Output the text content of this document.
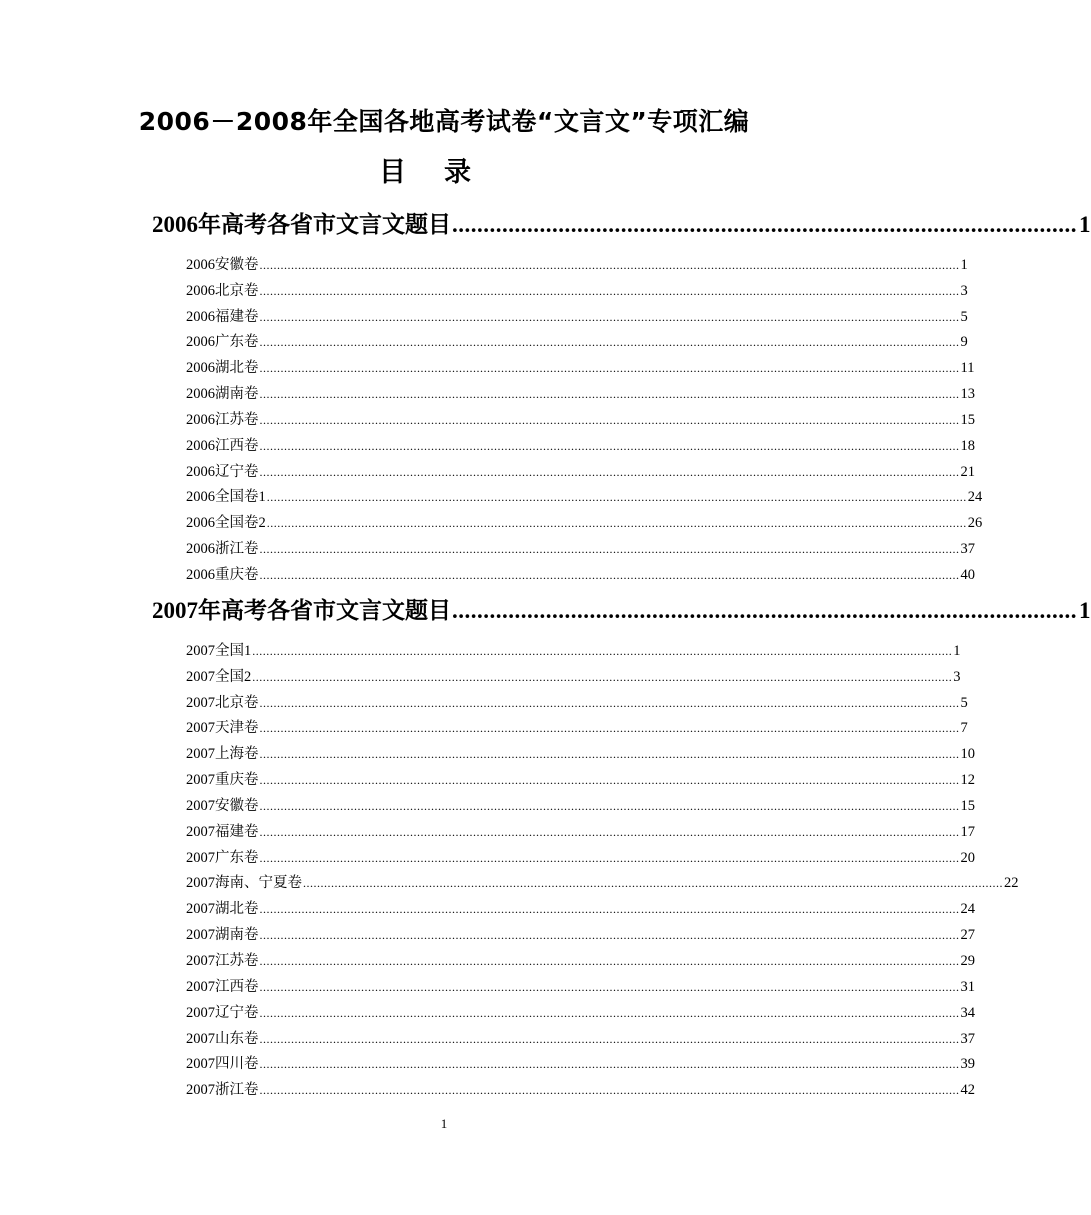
2006－2008年全国各地高考试卷“文言文”专项汇编
目录
2006年高考各省市文言文题目 .................................................................................................... 1
2006安徽卷 ........................................................................................................................................................................................................ 1
2006北京卷 ........................................................................................................................................................................................................ 3
2006福建卷 ........................................................................................................................................................................................................ 5
2006广东卷 ........................................................................................................................................................................................................ 9
2006湖北卷 ........................................................................................................................................................................................................ 11
2006湖南卷 ........................................................................................................................................................................................................ 13
2006江苏卷 ........................................................................................................................................................................................................ 15
2006江西卷 ........................................................................................................................................................................................................ 18
2006辽宁卷 ........................................................................................................................................................................................................ 21
2006全国卷1 ........................................................................................................................................................................................................ 24
2006全国卷2 ........................................................................................................................................................................................................ 26
2006浙江卷 ........................................................................................................................................................................................................ 37
2006重庆卷 ........................................................................................................................................................................................................ 40
2007年高考各省市文言文题目 .................................................................................................... 1
2007全国1 ........................................................................................................................................................................................................ 1
2007全国2 ........................................................................................................................................................................................................ 3
2007北京卷 ........................................................................................................................................................................................................ 5
2007天津卷 ........................................................................................................................................................................................................ 7
2007上海卷 ........................................................................................................................................................................................................ 10
2007重庆卷 ........................................................................................................................................................................................................ 12
2007安徽卷 ........................................................................................................................................................................................................ 15
2007福建卷 ........................................................................................................................................................................................................ 17
2007广东卷 ........................................................................................................................................................................................................ 20
2007海南、宁夏卷 ........................................................................................................................................................................................................ 22
2007湖北卷 ........................................................................................................................................................................................................ 24
2007湖南卷 ........................................................................................................................................................................................................ 27
2007江苏卷 ........................................................................................................................................................................................................ 29
2007江西卷 ........................................................................................................................................................................................................ 31
2007辽宁卷 ........................................................................................................................................................................................................ 34
2007山东卷 ........................................................................................................................................................................................................ 37
2007四川卷 ........................................................................................................................................................................................................ 39
2007浙江卷 ........................................................................................................................................................................................................ 42
1
